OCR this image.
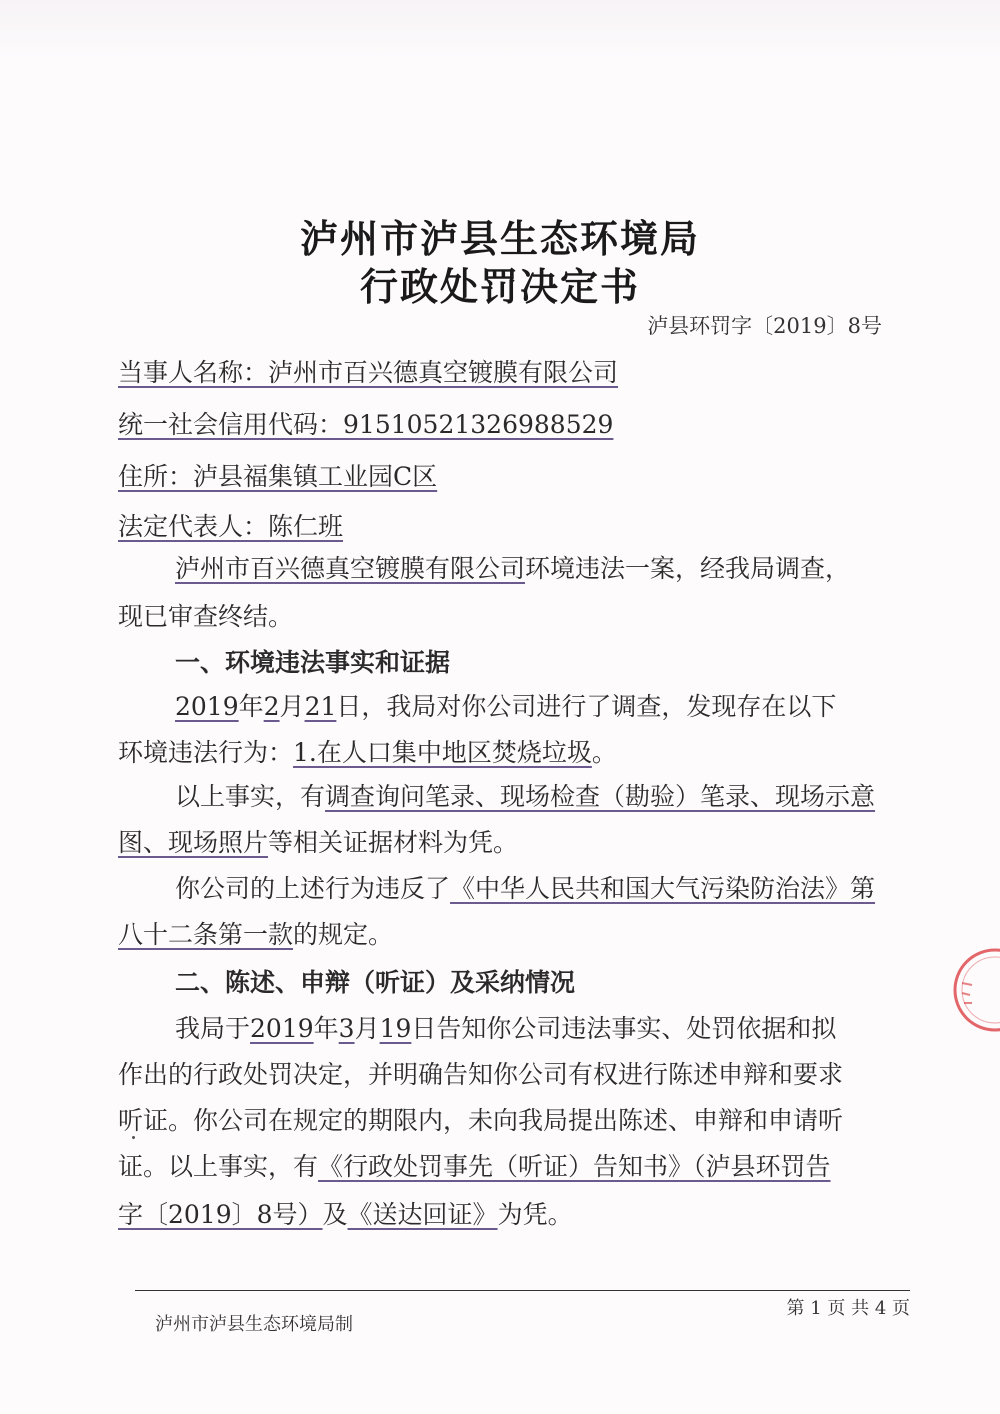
泸州市泸县生态环境局
行政处罚决定书
泸县环罚字〔2019〕8号
当事人名称：泸州市百兴德真空镀膜有限公司
统一社会信用代码：91510521326988529
住所：泸县福集镇工业园C区
法定代表人：陈仁班
泸州市百兴德真空镀膜有限公司环境违法一案，经我局调查，
现已审查终结。
一、环境违法事实和证据
2019年2月21日，我局对你公司进行了调查，发现存在以下
环境违法行为：1.在人口集中地区焚烧垃圾。
以上事实，有调查询问笔录、现场检查（勘验）笔录、现场示意
图、现场照片等相关证据材料为凭。
你公司的上述行为违反了《中华人民共和国大气污染防治法》第
八十二条第一款的规定。
二、陈述、申辩（听证）及采纳情况
我局于2019年3月19日告知你公司违法事实、处罚依据和拟
作出的行政处罚决定，并明确告知你公司有权进行陈述申辩和要求
听证。你公司在规定的期限内，未向我局提出陈述、申辩和申请听
证。以上事实，有《行政处罚事先（听证）告知书》（泸县环罚告
字〔2019〕8号）及《送达回证》为凭。
第 1 页 共 4 页
泸州市泸县生态环境局制
